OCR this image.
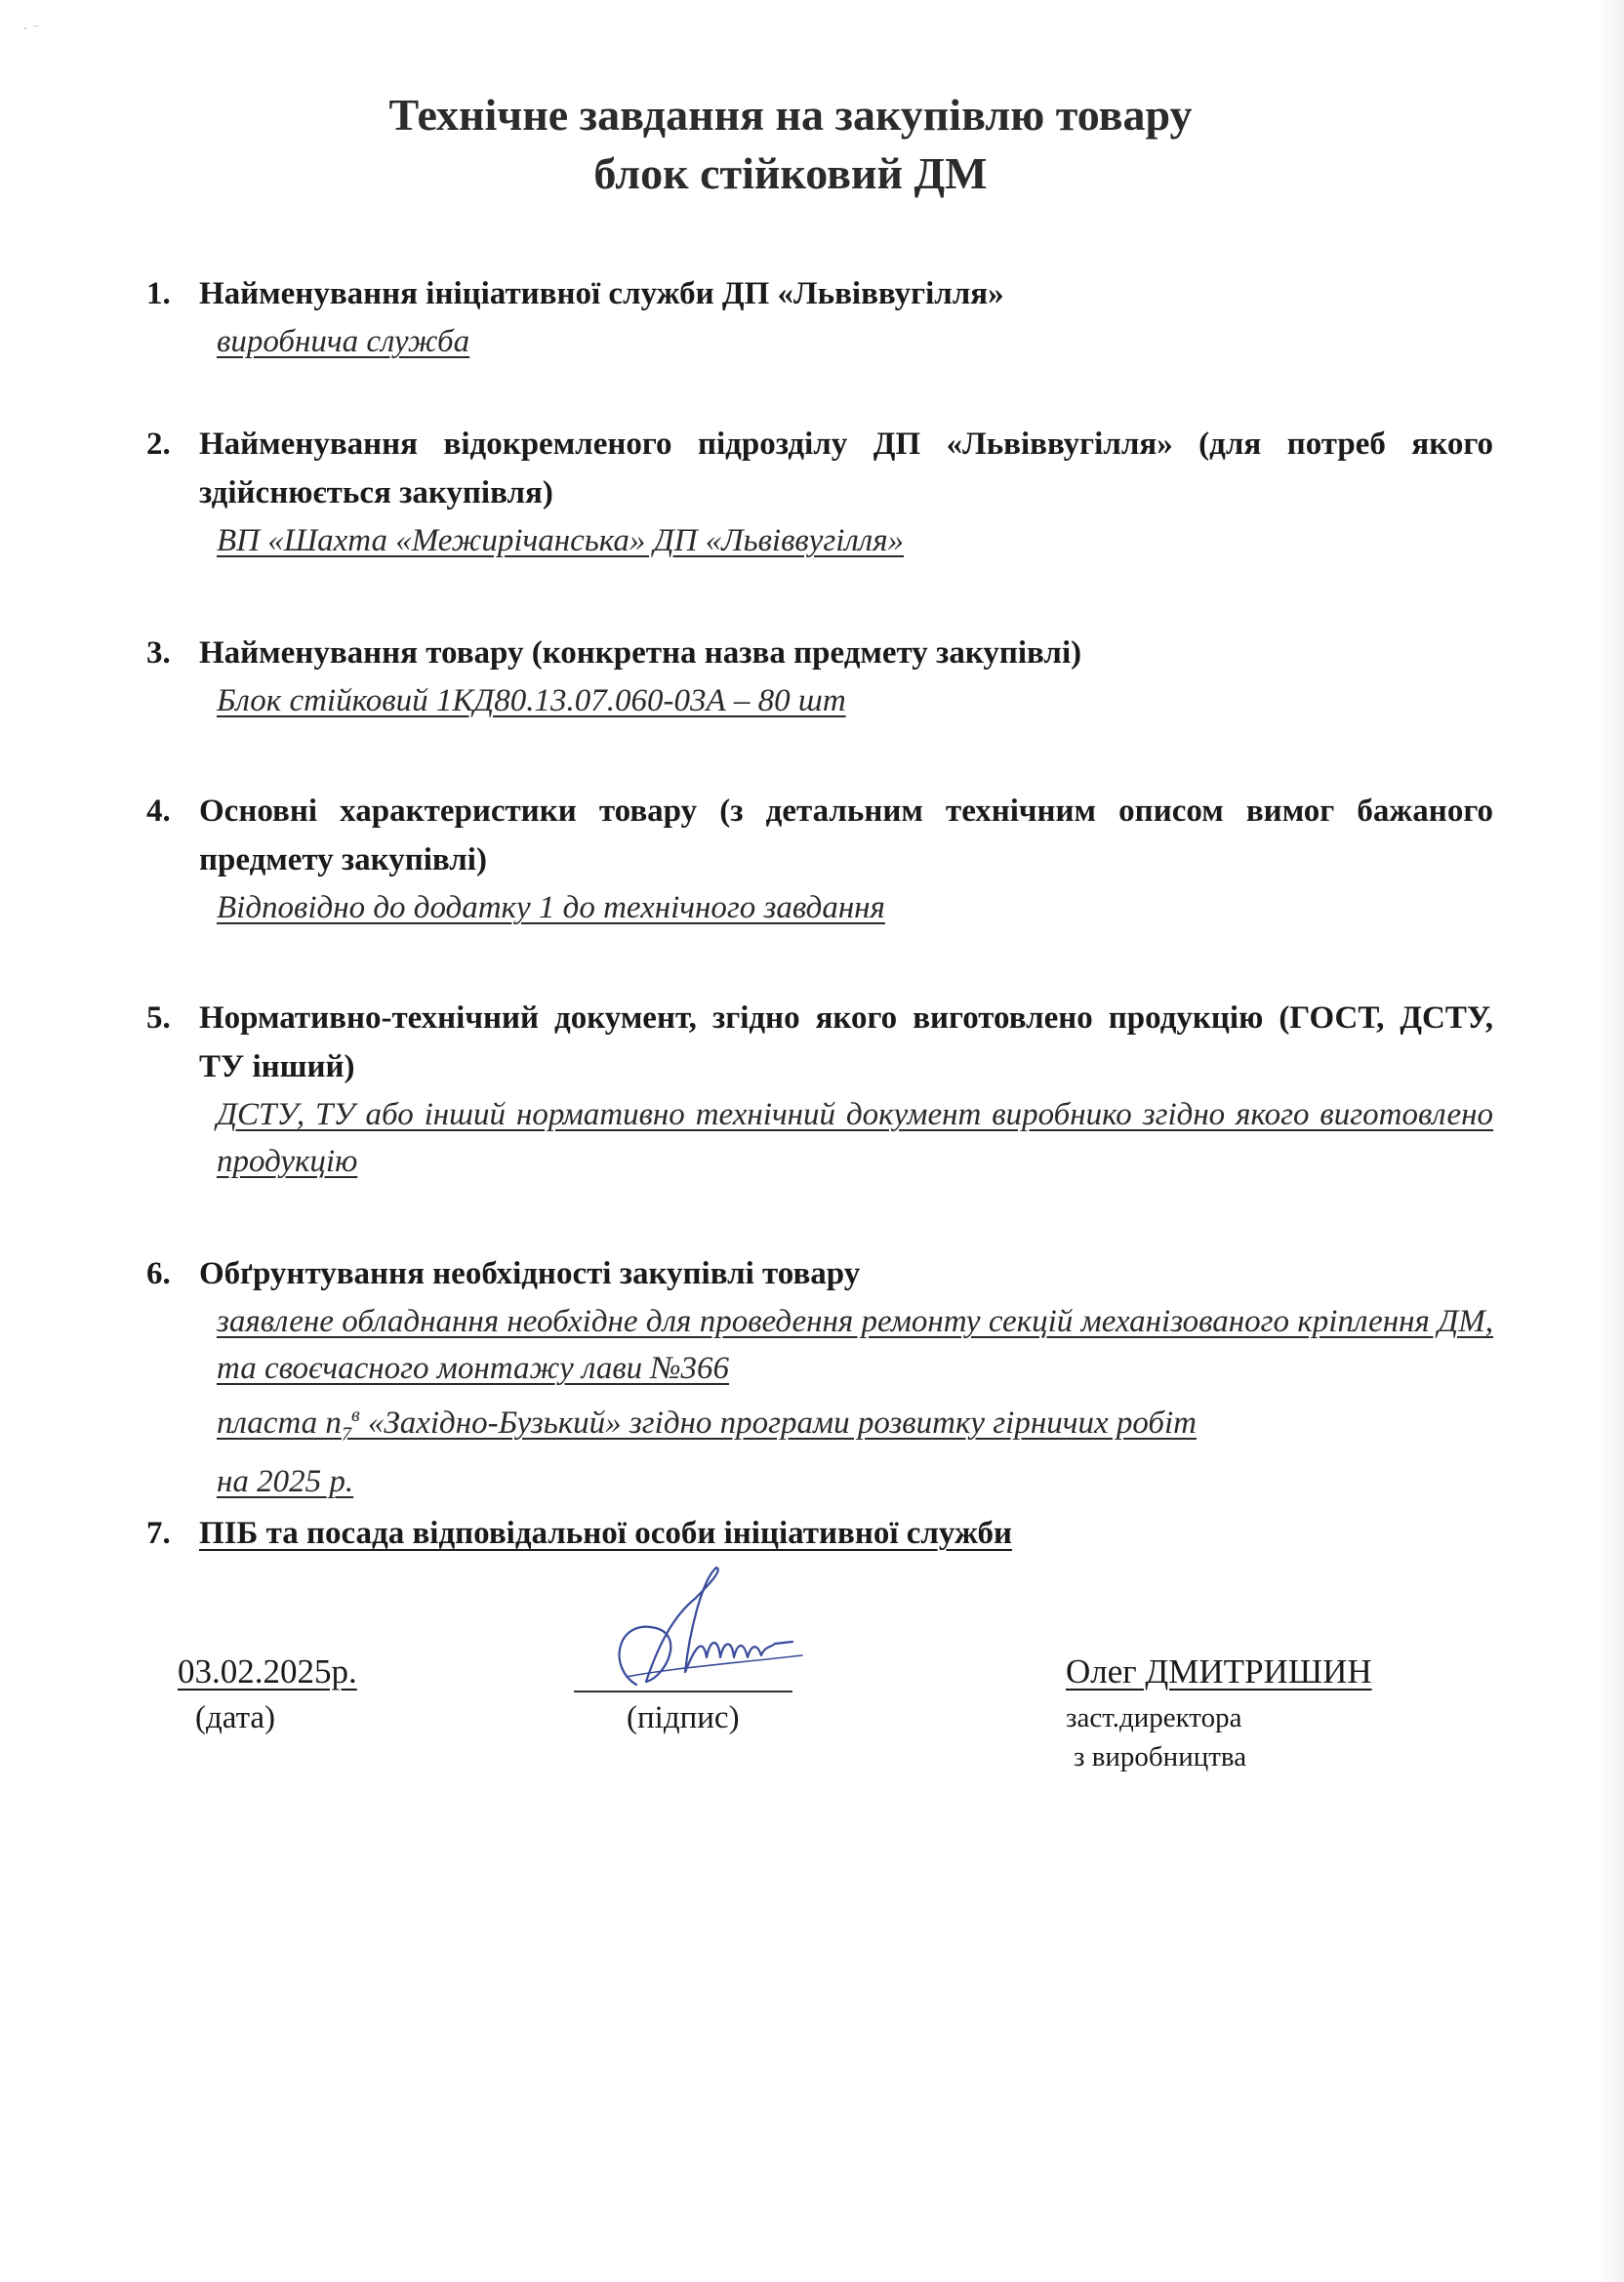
⋅ ⁻
Технічне завдання на закупівлю товару
блок стійковий ДМ
1. Найменування ініціативної служби ДП «Львіввугілля»
виробнича служба
2. Найменування відокремленого підрозділу ДП «Львіввугілля» (для потреб якого здійснюється закупівля)
ВП «Шахта «Межирічанська» ДП «Львіввугілля»
3. Найменування товару (конкретна назва предмету закупівлі)
Блок стійковий 1КД80.13.07.060-03А – 80 шт
4. Основні характеристики товару (з детальним технічним описом вимог бажаного предмету закупівлі)
Відповідно до додатку 1 до технічного завдання
5. Нормативно-технічний документ, згідно якого виготовлено продукцію (ГОСТ, ДСТУ, ТУ інший)
ДСТУ, ТУ або інший нормативно технічний документ виробнико згідно якого виготовлено продукцію
6. Обґрунтування необхідності закупівлі товару
заявлене обладнання необхідне для проведення ремонту секцій механізованого кріплення ДМ, та своєчасного монтажу лави №366
пласта $n_7^в$ «Західно-Бузький» згідно програми розвитку гірничих робіт
на 2025 р.
7. ПІБ та посада відповідальної особи ініціативної служби
03.02.2025р.
(дата)	(підпис)
Олег ДМИТРИШИН
заст.директора
з виробництва
